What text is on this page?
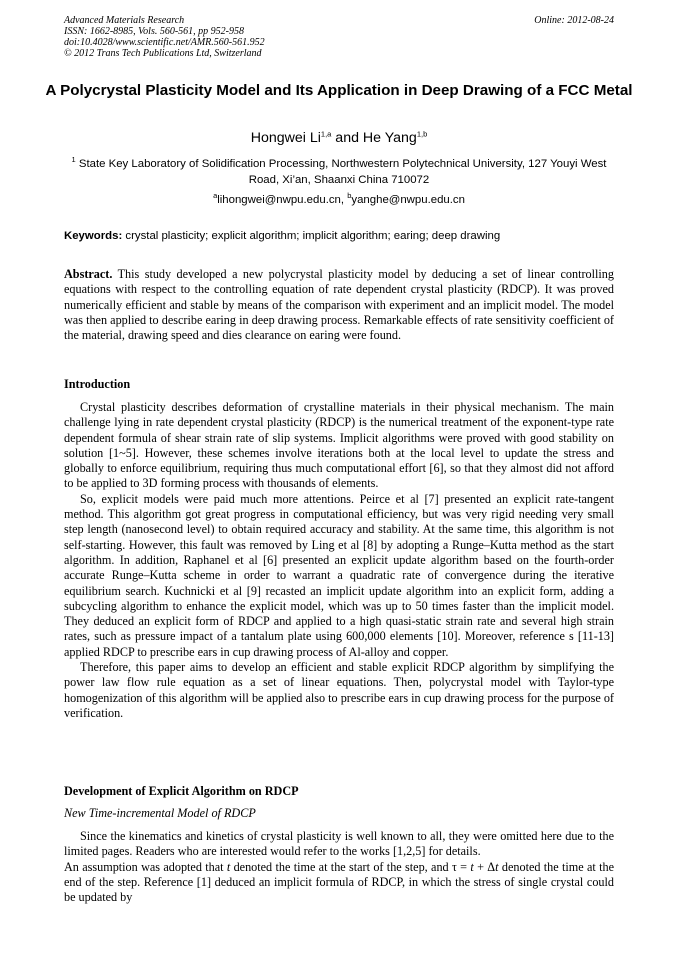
Advanced Materials Research
ISSN: 1662-8985, Vols. 560-561, pp 952-958
doi:10.4028/www.scientific.net/AMR.560-561.952
© 2012 Trans Tech Publications Ltd, Switzerland
Online: 2012-08-24
A Polycrystal Plasticity Model and Its Application in Deep Drawing of a FCC Metal
Hongwei Li$^{1,a}$ and He Yang$^{1,b}$
$^1$ State Key Laboratory of Solidification Processing, Northwestern Polytechnical University, 127 Youyi West Road, Xi’an, Shaanxi China 710072
$^a$lihongwei@nwpu.edu.cn, $^b$yanghe@nwpu.edu.cn
Keywords: crystal plasticity; explicit algorithm; implicit algorithm; earing; deep drawing

Abstract. This study developed a new polycrystal plasticity model by deducing a set of linear controlling equations with respect to the controlling equation of rate dependent crystal plasticity (RDCP). It was proved numerically efficient and stable by means of the comparison with experiment and an implicit model. The model was then applied to describe earing in deep drawing process. Remarkable effects of rate sensitivity coefficient of the material, drawing speed and dies clearance on earing were found.

Introduction

Crystal plasticity describes deformation of crystalline materials in their physical mechanism. The main challenge lying in rate dependent crystal plasticity (RDCP) is the numerical treatment of the exponent-type rate dependent formula of shear strain rate of slip systems. Implicit algorithms were proved with good stability on solution [1~5]. However, these schemes involve iterations both at the local level to update the stress and globally to enforce equilibrium, requiring thus much computational effort [6], so that they almost did not afford to be applied to 3D forming process with thousands of elements.

So, explicit models were paid much more attentions. Peirce et al [7] presented an explicit rate-tangent method. This algorithm got great progress in computational efficiency, but was very rigid needing very small step length (nanosecond level) to obtain required accuracy and stability. At the same time, this algorithm is not self-starting. However, this fault was removed by Ling et al [8] by adopting a Runge–Kutta method as the start algorithm. In addition, Raphanel et al [6] presented an explicit update algorithm based on the fourth-order accurate Runge–Kutta scheme in order to warrant a quadratic rate of convergence during the iterative equilibrium search. Kuchnicki et al [9] recasted an implicit update algorithm into an explicit form, adding a subcycling algorithm to enhance the explicit model, which was up to 50 times faster than the implicit model. They deduced an explicit form of RDCP and applied to a high quasi-static strain rate and several high strain rates, such as pressure impact of a tantalum plate using 600,000 elements [10]. Moreover, reference s [11-13] applied RDCP to prescribe ears in cup drawing process of Al-alloy and copper.

Therefore, this paper aims to develop an efficient and stable explicit RDCP algorithm by simplifying the power law flow rule equation as a set of linear equations. Then, polycrystal model with Taylor-type homogenization of this algorithm will be applied also to prescribe ears in cup drawing process for the purpose of verification.

Development of Explicit Algorithm on RDCP
New Time-incremental Model of RDCP

Since the kinematics and kinetics of crystal plasticity is well known to all, they were omitted here due to the limited pages. Readers who are interested would refer to the works [1,2,5] for details.

An assumption was adopted that t denoted the time at the start of the step, and τ = t + Δt denoted the time at the end of the step. Reference [1] deduced an implicit formula of RDCP, in which the stress of single crystal could be updated by
